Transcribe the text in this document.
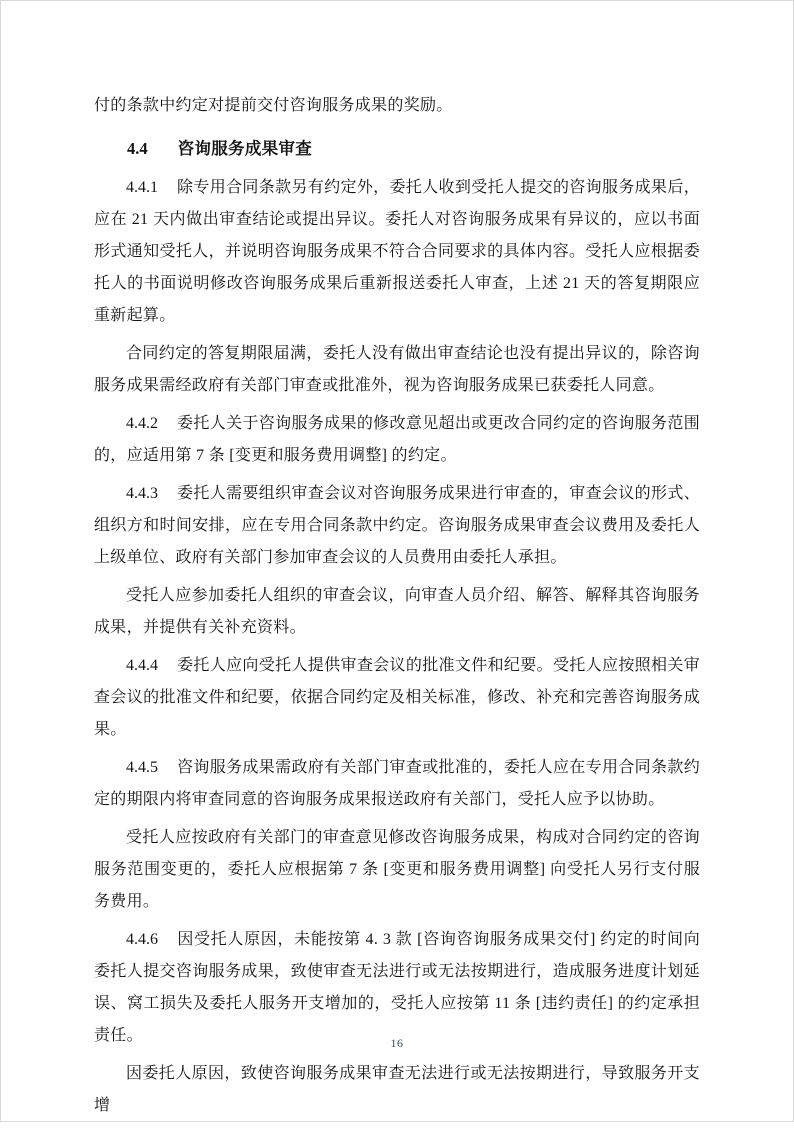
付的条款中约定对提前交付咨询服务成果的奖励。

4.4 咨询服务成果审查

4.4.1 除专用合同条款另有约定外，委托人收到受托人提交的咨询服务成果后，应在 21 天内做出审查结论或提出异议。委托人对咨询服务成果有异议的，应以书面形式通知受托人，并说明咨询服务成果不符合合同要求的具体内容。受托人应根据委托人的书面说明修改咨询服务成果后重新报送委托人审查，上述 21 天的答复期限应重新起算。

合同约定的答复期限届满，委托人没有做出审查结论也没有提出异议的，除咨询服务成果需经政府有关部门审查或批准外，视为咨询服务成果已获委托人同意。

4.4.2 委托人关于咨询服务成果的修改意见超出或更改合同约定的咨询服务范围的，应适用第 7 条 [变更和服务费用调整] 的约定。

4.4.3 委托人需要组织审查会议对咨询服务成果进行审查的，审查会议的形式、组织方和时间安排，应在专用合同条款中约定。咨询服务成果审查会议费用及委托人上级单位、政府有关部门参加审查会议的人员费用由委托人承担。

受托人应参加委托人组织的审查会议，向审查人员介绍、解答、解释其咨询服务成果，并提供有关补充资料。

4.4.4 委托人应向受托人提供审查会议的批准文件和纪要。受托人应按照相关审查会议的批准文件和纪要，依据合同约定及相关标准，修改、补充和完善咨询服务成果。

4.4.5 咨询服务成果需政府有关部门审查或批准的，委托人应在专用合同条款约定的期限内将审查同意的咨询服务成果报送政府有关部门，受托人应予以协助。

受托人应按政府有关部门的审查意见修改咨询服务成果，构成对合同约定的咨询服务范围变更的，委托人应根据第 7 条 [变更和服务费用调整] 向受托人另行支付服务费用。

4.4.6 因受托人原因，未能按第 4. 3 款 [咨询咨询服务成果交付] 约定的时间向委托人提交咨询服务成果，致使审查无法进行或无法按期进行，造成服务进度计划延误、窝工损失及委托人服务开支增加的，受托人应按第 11 条 [违约责任] 的约定承担责任。

因委托人原因，致使咨询服务成果审查无法进行或无法按期进行，导致服务开支增

16
